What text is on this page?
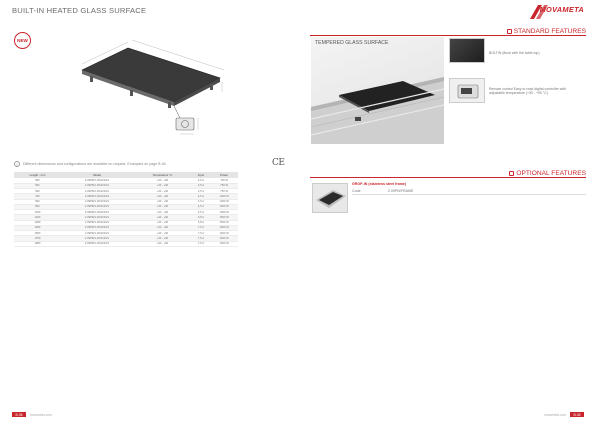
BUILT-IN HEATED GLASS SURFACE	MOVAMETA
NEW
i	Different dimensions and configurations are available on request. Examples on page B.46
Length - mm	Model	Temperature °C	Input	Power
590	2.09PB/1-36/423/1S	+30 - +90	2,5 A	750 W
590	2.09PB/1-36/423/1S	+30 - +90	2,5 A	750 W
590	2.09PB/1-36/423/1S	+30 - +90	2,5 A	750 W
790	2.09PB/1-36/423/1S	+30 - +90	4,5 A	1000 W
990	2.09PB/1-36/423/1S	+30 - +90	4,5 A	1000 W
990	2.09PB/1-36/423/1S	+30 - +90	4,5 A	1000 W
1180	2.09PB/1-36/423/1S	+30 - +90	4,5 A	1000 W
1180	2.09PB/1-36/423/1S	+30 - +90	6,8 A	1500 W
1380	2.09PB/1-36/423/1S	+30 - +90	6,8 A	1500 W
1380	2.09PB/1-36/423/1S	+30 - +90	7,5 A	1600 W
1580	2.09PB/1-36/423/1S	+30 - +90	7,5 A	1600 W
1780	2.09PB/1-36/423/1S	+30 - +90	7,5 A	1600 W
1980	2.09PB/1-36/423/1S	+30 - +90	7,5 A	1600 W
CE
STANDARD FEATURES
TEMPERED GLASS SURFACE
BOLTIN (flush with the table top)
Remote control Easy to read digital controller with adjustable temperature (+30 - +90 °C)
OPTIONAL FEATURES
GROP-IN (stainless steel frame)
Code	2.09PB/FRAME
B.36	movameta.com	movameta.com	B.36
